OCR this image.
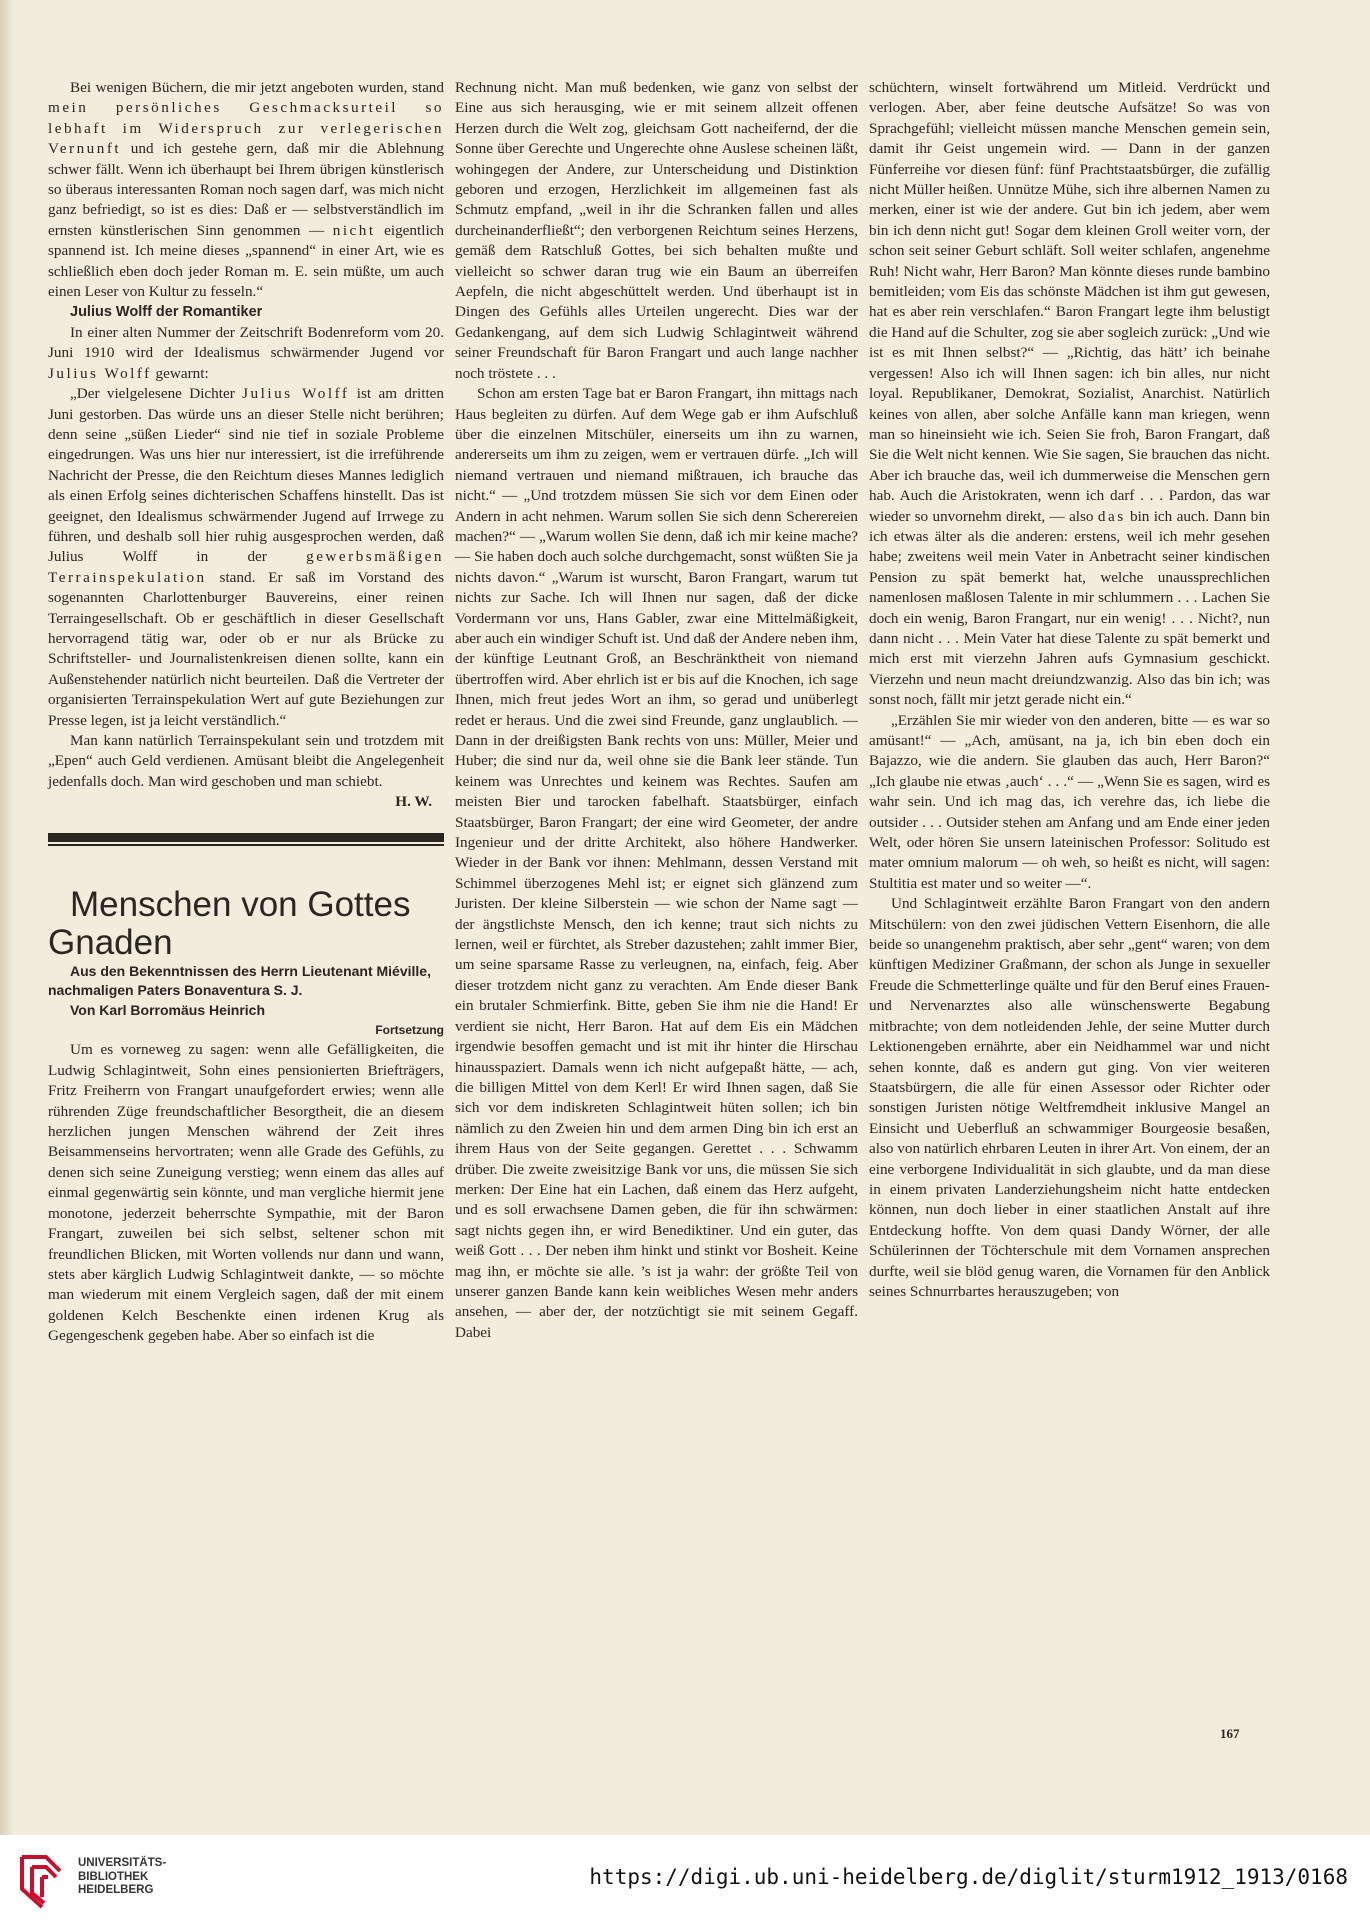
Bei wenigen Büchern, die mir jetzt angeboten wurden, stand mein persönliches Geschmacksurteil so lebhaft im Widerspruch zur verlegerischen Vernunft und ich gestehe gern, daß mir die Ablehnung schwer fällt. Wenn ich überhaupt bei Ihrem übrigen künstlerisch so überaus interessanten Roman noch sagen darf, was mich nicht ganz befriedigt, so ist es dies: Daß er — selbstverständlich im ernsten künstlerischen Sinn genommen — nicht eigentlich spannend ist. Ich meine dieses „spannend“ in einer Art, wie es schließlich eben doch jeder Roman m. E. sein müßte, um auch einen Leser von Kultur zu fesseln.“

Julius Wolff der Romantiker

In einer alten Nummer der Zeitschrift Bodenreform vom 20. Juni 1910 wird der Idealismus schwärmender Jugend vor Julius Wolff gewarnt:

„Der vielgelesene Dichter Julius Wolff ist am dritten Juni gestorben. Das würde uns an dieser Stelle nicht berühren; denn seine „süßen Lieder“ sind nie tief in soziale Probleme eingedrungen. Was uns hier nur interessiert, ist die irreführende Nachricht der Presse, die den Reichtum dieses Mannes lediglich als einen Erfolg seines dichterischen Schaffens hinstellt. Das ist geeignet, den Idealismus schwärmender Jugend auf Irrwege zu führen, und deshalb soll hier ruhig ausgesprochen werden, daß Julius Wolff in der	gewerbsmäßigen Terrainspekulation stand. Er saß im Vorstand des sogenannten Charlottenburger Bauvereins, einer reinen Terraingesellschaft. Ob er geschäftlich in dieser Gesellschaft hervorragend tätig war, oder ob er nur als Brücke zu Schriftsteller- und Journalistenkreisen dienen sollte, kann ein Außenstehender natürlich nicht beurteilen. Daß die Vertreter der organisierten Terrainspekulation Wert auf gute Beziehungen zur Presse legen, ist ja leicht verständlich.“

Man kann natürlich Terrainspekulant sein und trotzdem mit „Epen“ auch Geld verdienen. Amüsant bleibt die Angelegenheit jedenfalls doch. Man wird geschoben und man schiebt.

H. W.

Menschen von Gottes Gnaden

Aus den Bekenntnissen des Herrn Lieutenant Miéville, nachmaligen Paters Bonaventura S. J.

Von Karl Borromäus Heinrich

Fortsetzung

Um es vorneweg zu sagen: wenn alle Gefälligkeiten, die Ludwig Schlagintweit, Sohn eines pensionierten Briefträgers, Fritz Freiherrn von Frangart unaufgefordert erwies; wenn alle rührenden Züge freundschaftlicher Besorgtheit, die an diesem herzlichen jungen Menschen während der Zeit ihres Beisammenseins hervortraten; wenn alle Grade des Gefühls, zu denen sich seine Zuneigung verstieg; wenn einem das alles auf einmal gegenwärtig sein könnte, und man vergliche hiermit jene monotone, jederzeit beherrschte Sympathie, mit der Baron Frangart, zuweilen bei sich selbst, seltener schon mit freundlichen Blicken, mit Worten vollends nur dann und wann, stets aber kärglich Ludwig Schlagintweit dankte, — so möchte man wiederum mit einem Vergleich sagen, daß der mit einem goldenen Kelch Beschenkte einen irdenen Krug als Gegengeschenk gegeben habe. Aber so einfach ist die

Rechnung nicht. Man muß bedenken, wie ganz von selbst der Eine aus sich herausging, wie er mit seinem allzeit offenen Herzen durch die Welt zog, gleichsam Gott nacheifernd, der die Sonne über Gerechte und Ungerechte ohne Auslese scheinen läßt, wohingegen der Andere, zur Unterscheidung und Distinktion geboren und erzogen, Herzlichkeit im allgemeinen fast als Schmutz empfand, „weil in ihr die Schranken fallen und alles durcheinanderfließt“; den verborgenen Reichtum seines Herzens, gemäß dem Ratschluß Gottes, bei sich behalten mußte und vielleicht so schwer daran trug wie ein Baum an überreifen Aepfeln, die nicht abgeschüttelt werden. Und überhaupt ist in Dingen des Gefühls alles Urteilen ungerecht. Dies war der Gedankengang, auf dem sich Ludwig Schlagintweit während seiner Freundschaft für Baron Frangart und auch lange nachher noch tröstete . . .

Schon am ersten Tage bat er Baron Frangart, ihn mittags nach Haus begleiten zu dürfen. Auf dem Wege gab er ihm Aufschluß über die einzelnen Mitschüler, einerseits um ihn zu warnen, andererseits um ihm zu zeigen, wem er vertrauen dürfe. „Ich will niemand vertrauen und niemand mißtrauen, ich brauche das nicht.“ — „Und trotzdem müssen Sie sich vor dem Einen oder Andern in acht nehmen. Warum sollen Sie sich denn Scherereien machen?“ — „Warum wollen Sie denn, daß ich mir keine mache? — Sie haben doch auch solche durchgemacht, sonst wüßten Sie ja nichts davon.“ „Warum ist wurscht, Baron Frangart, warum tut nichts zur Sache. Ich will Ihnen nur sagen, daß der dicke Vordermann vor uns, Hans Gabler, zwar eine Mittelmäßigkeit, aber auch ein windiger Schuft ist. Und daß der Andere neben ihm, der künftige Leutnant Groß, an Beschränktheit von niemand übertroffen wird. Aber ehrlich ist er bis auf die Knochen, ich sage Ihnen, mich freut jedes Wort an ihm, so gerad und unüberlegt redet er heraus. Und die zwei sind Freunde, ganz unglaublich. — Dann in der dreißigsten Bank rechts von uns: Müller, Meier und Huber; die sind nur da, weil ohne sie die Bank leer stände. Tun keinem was Unrechtes und keinem was Rechtes. Saufen am meisten Bier und tarocken fabelhaft. Staatsbürger, einfach Staatsbürger, Baron Frangart; der eine wird Geometer, der andre Ingenieur und der dritte Architekt, also höhere Handwerker. Wieder in der Bank vor ihnen: Mehlmann, dessen Verstand mit Schimmel überzogenes Mehl ist; er eignet sich glänzend zum Juristen. Der kleine Silberstein — wie schon der Name sagt — der ängstlichste Mensch, den ich kenne; traut sich nichts zu lernen, weil er fürchtet, als Streber dazustehen; zahlt immer Bier, um seine sparsame Rasse zu verleugnen, na, einfach, feig. Aber dieser trotzdem nicht ganz zu verachten. Am Ende dieser Bank ein brutaler Schmierfink. Bitte, geben Sie ihm nie die Hand! Er verdient sie nicht, Herr Baron. Hat auf dem Eis ein Mädchen irgendwie besoffen gemacht und ist mit ihr hinter die Hirschau hinausspaziert. Damals wenn ich nicht aufgepaßt hätte, — ach, die billigen Mittel von dem Kerl! Er wird Ihnen sagen, daß Sie sich vor dem indiskreten Schlagintweit hüten sollen; ich bin nämlich zu den Zweien hin und dem armen Ding bin ich erst an ihrem Haus von der Seite gegangen. Gerettet . . . Schwamm drüber. Die zweite zweisitzige Bank vor uns, die müssen Sie sich merken: Der Eine hat ein Lachen, daß einem das Herz aufgeht, und es soll erwachsene Damen geben, die für ihn schwärmen: sagt nichts gegen ihn, er wird Benediktiner. Und ein guter, das weiß Gott . . . Der neben ihm hinkt und stinkt vor Bosheit. Keine mag ihn, er möchte sie alle. ’s ist ja wahr: der größte Teil von unserer ganzen Bande kann kein weibliches Wesen mehr anders ansehen, — aber der, der notzüchtigt sie mit seinem Gegaff. Dabei

schüchtern, winselt fortwährend um Mitleid. Verdrückt und verlogen. Aber, aber feine deutsche Aufsätze! So was von Sprachgefühl; vielleicht müssen manche Menschen gemein sein, damit ihr Geist ungemein wird. — Dann in der ganzen Fünferreihe vor diesen fünf: fünf Prachtstaatsbürger, die zufällig nicht Müller heißen. Unnütze Mühe, sich ihre albernen Namen zu merken, einer ist wie der andere. Gut bin ich jedem, aber wem bin ich denn nicht gut! Sogar dem kleinen Groll weiter vorn, der schon seit seiner Geburt schläft. Soll weiter schlafen, angenehme Ruh! Nicht wahr, Herr Baron? Man könnte dieses runde bambino bemitleiden; vom Eis das schönste Mädchen ist ihm gut gewesen, hat es aber rein verschlafen.“ Baron Frangart legte ihm belustigt die Hand auf die Schulter, zog sie aber sogleich zurück: „Und wie ist es mit Ihnen selbst?“ — „Richtig, das hätt’ ich beinahe vergessen! Also ich will Ihnen sagen: ich bin alles, nur nicht loyal. Republikaner, Demokrat, Sozialist, Anarchist. Natürlich keines von allen, aber solche Anfälle kann man kriegen, wenn man so hineinsieht wie ich. Seien Sie froh, Baron Frangart, daß Sie die Welt nicht kennen. Wie Sie sagen, Sie brauchen das nicht. Aber ich brauche das, weil ich dummerweise die Menschen gern hab. Auch die Aristokraten, wenn ich darf . . . Pardon, das war wieder so unvornehm direkt, — also das bin ich auch. Dann bin ich etwas älter als die anderen: erstens, weil ich mehr gesehen habe; zweitens weil mein Vater in Anbetracht seiner kindischen Pension zu spät bemerkt hat, welche unaussprechlichen namenlosen maßlosen Talente in mir schlummern . . . Lachen Sie doch ein wenig, Baron Frangart, nur ein wenig! . . . Nicht?, nun dann nicht . . . Mein Vater hat diese Talente zu spät bemerkt und mich erst mit vierzehn Jahren aufs Gymnasium geschickt. Vierzehn und neun macht dreiundzwanzig. Also das bin ich; was sonst noch, fällt mir jetzt gerade nicht ein.“

„Erzählen Sie mir wieder von den anderen, bitte — es war so amüsant!“ — „Ach, amüsant, na ja, ich bin eben doch ein Bajazzo, wie die andern. Sie glauben das auch, Herr Baron?“ „Ich glaube nie etwas ‚auch‘ . . .“ — „Wenn Sie es sagen, wird es wahr sein. Und ich mag das, ich verehre das, ich liebe die outsider . . . Outsider stehen am Anfang und am Ende einer jeden Welt, oder hören Sie unsern lateinischen Professor: Solitudo est mater omnium malorum — oh weh, so heißt es nicht, will sagen: Stultitia est mater und so weiter —“.

Und Schlagintweit erzählte Baron Frangart von den andern Mitschülern: von den zwei jüdischen Vettern Eisenhorn, die alle beide so unangenehm praktisch, aber sehr „gent“ waren; von dem künftigen Mediziner Graßmann, der schon als Junge in sexueller Freude die Schmetterlinge quälte und für den Beruf eines Frauen- und Nervenarztes also alle wünschenswerte Begabung mitbrachte; von dem notleidenden Jehle, der seine Mutter durch Lektionengeben ernährte, aber ein Neidhammel war und nicht sehen konnte, daß es andern gut ging. Von vier weiteren Staatsbürgern, die alle für einen Assessor oder Richter oder sonstigen Juristen nötige Weltfremdheit inklusive Mangel an Einsicht und Ueberfluß an schwammiger Bourgeosie besaßen, also von natürlich ehrbaren Leuten in ihrer Art. Von einem, der an eine verborgene Individualität in sich glaubte, und da man diese in einem privaten Landerziehungsheim nicht hatte entdecken können, nun doch lieber in einer staatlichen Anstalt auf ihre Entdeckung hoffte. Von dem quasi Dandy Wörner, der alle Schülerinnen der Töchterschule mit dem Vornamen ansprechen durfte, weil sie blöd genug waren, die Vornamen für den Anblick seines Schnurrbartes herauszugeben; von

167
UNIVERSITÄTS-
BIBLIOTHEK
HEIDELBERG
https://digi.ub.uni-heidelberg.de/diglit/sturm1912_1913/0168
